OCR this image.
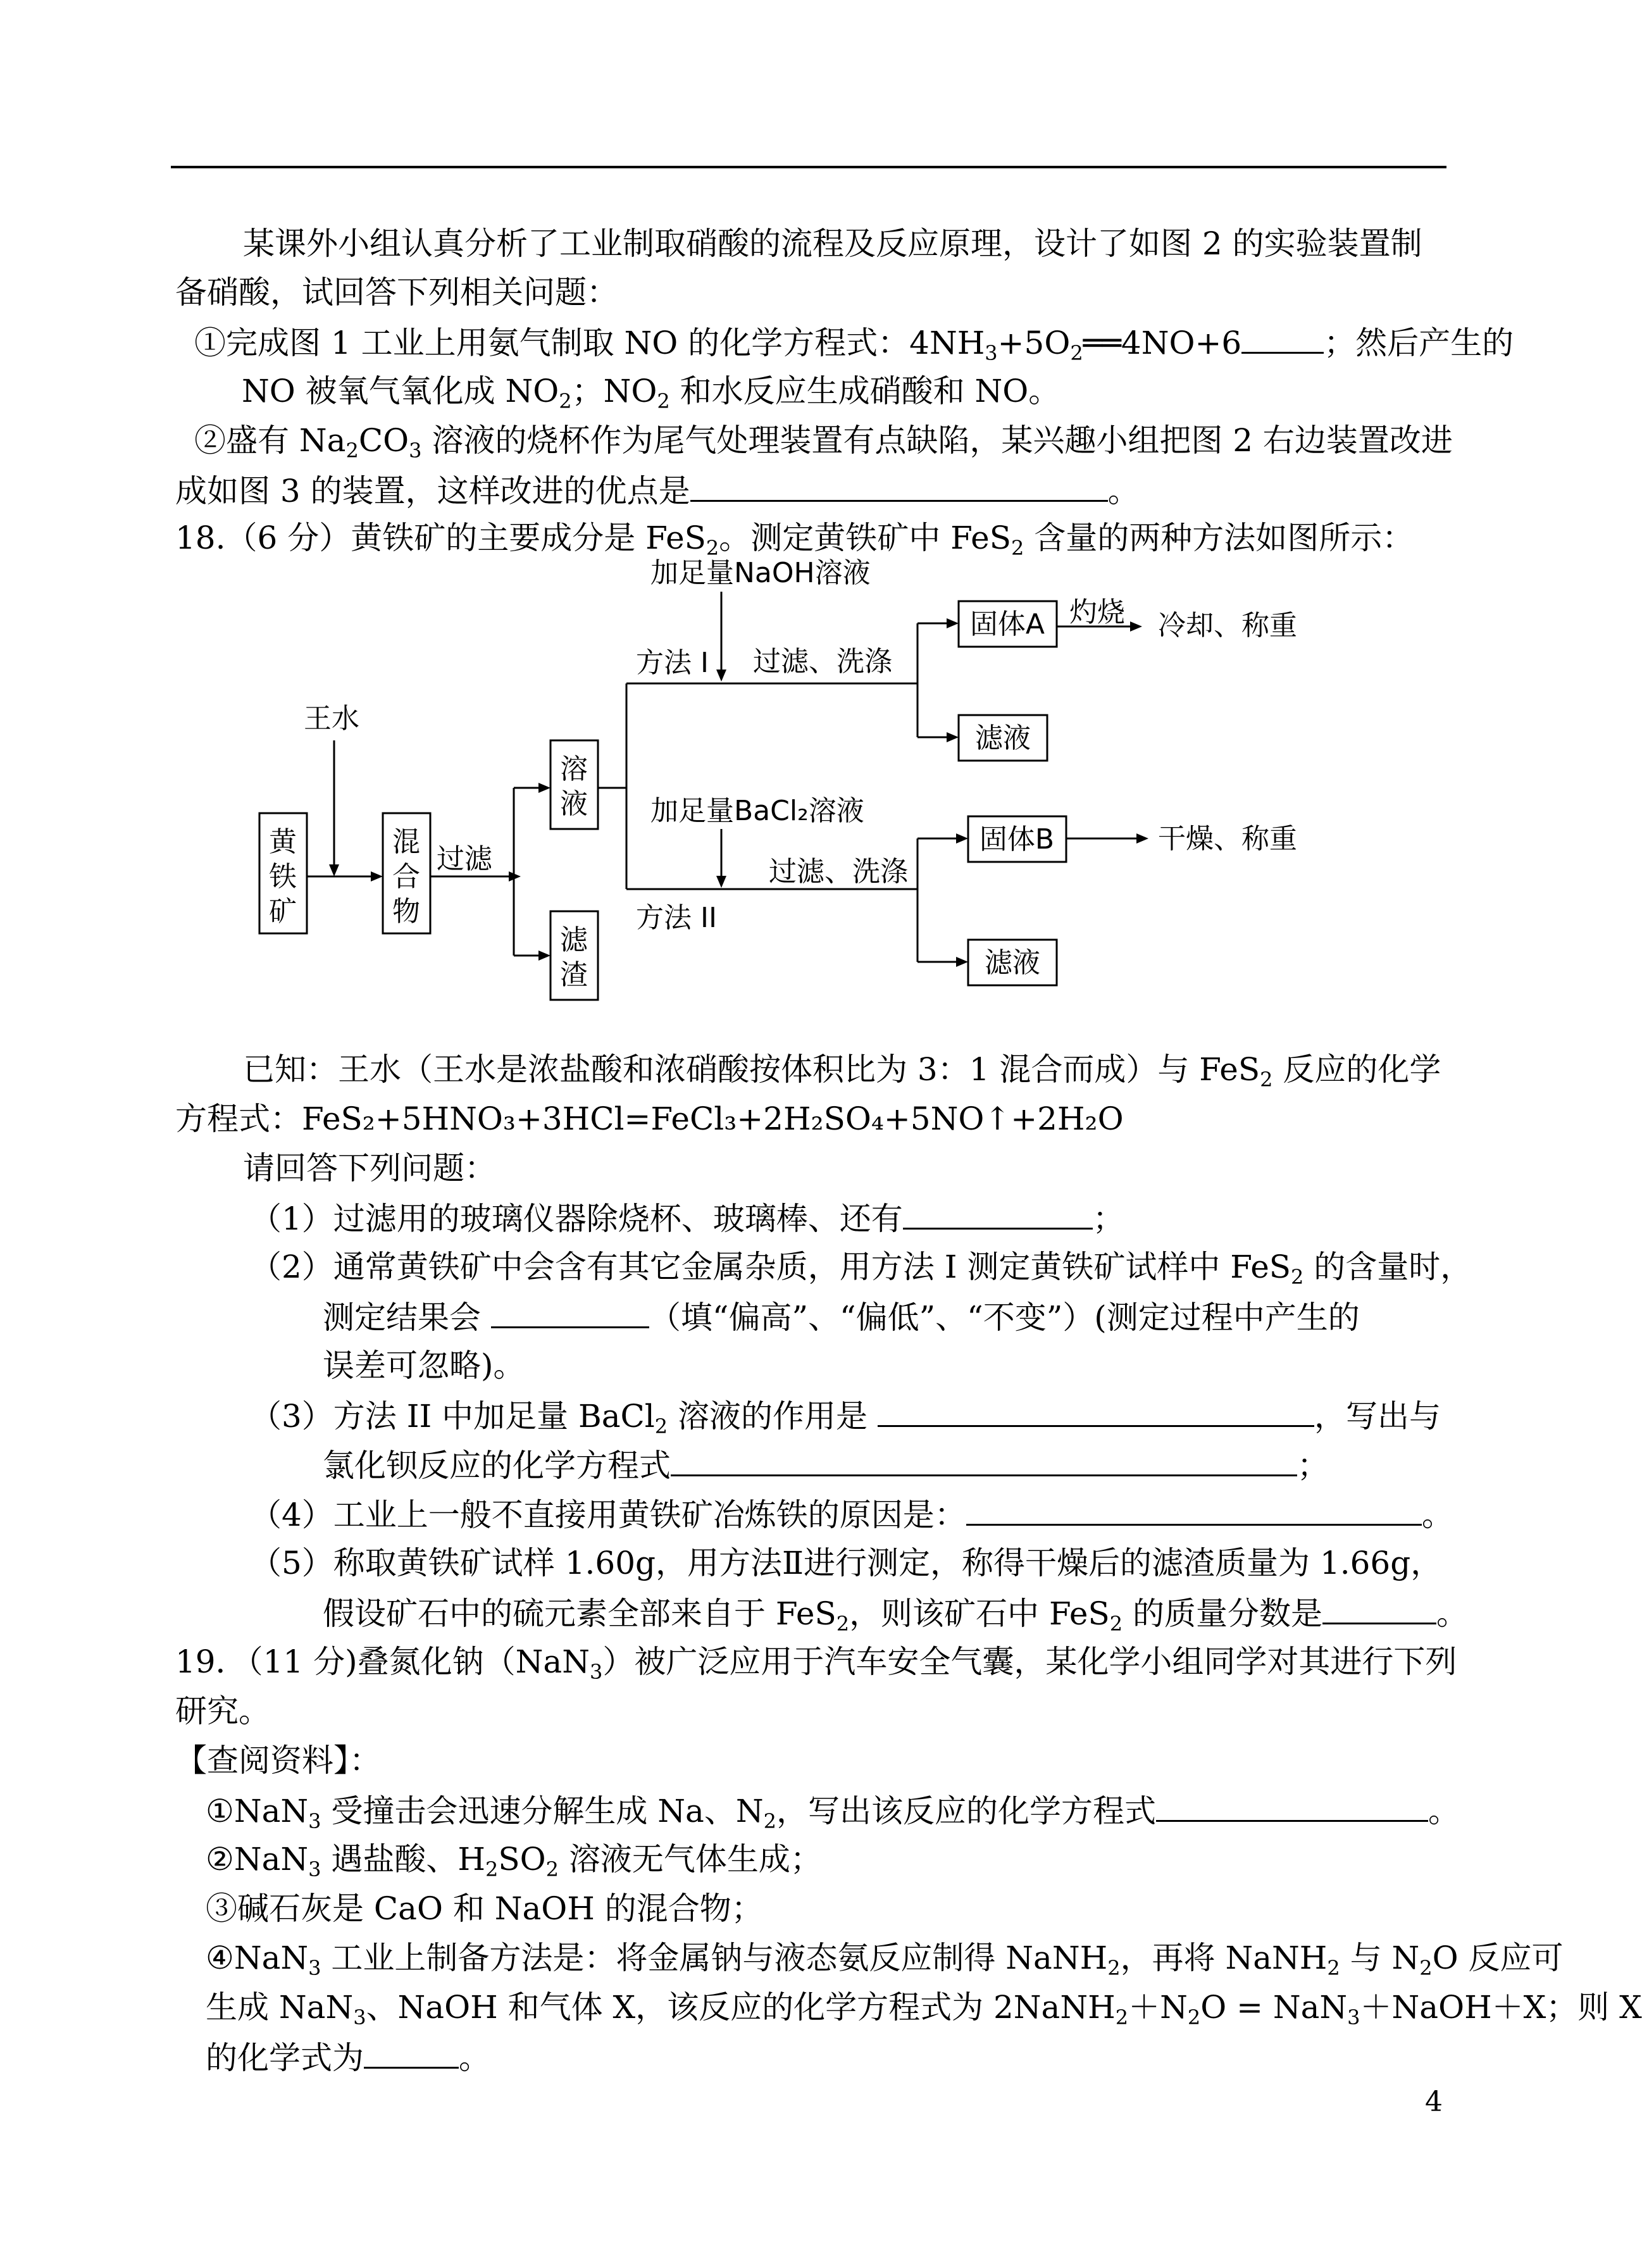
某课外小组认真分析了工业制取硝酸的流程及反应原理，设计了如图 2 的实验装置制
备硝酸，试回答下列相关问题：
①完成图 1 工业上用氨气制取 NO 的化学方程式：$4NH_3+5O_2══4NO+6$	；然后产生的
NO 被氧气氧化成 $NO_2$；$NO_2$ 和水反应生成硝酸和 NO。
②盛有 $Na_2CO_3$ 溶液的烧杯作为尾气处理装置有点缺陷，某兴趣小组把图 2 右边装置改进
成如图 3 的装置，这样改进的优点是	。
18.（6 分）黄铁矿的主要成分是 FeS$_2$。测定黄铁矿中 FeS$_2$ 含量的两种方法如图所示：
黄
铁
矿
王水
混
合
物
过滤
溶
液
滤
渣
加足量NaOH溶液
方法 I 过滤、洗涤
固体A 灼烧 冷却、称重
滤液
加足量BaCl₂溶液
方法 II
过滤、洗涤
固体B	干燥、称重
滤液
已知：王水（王水是浓盐酸和浓硝酸按体积比为 3：1 混合而成）与 FeS$_2$ 反应的化学
方程式：FeS₂+5HNO₃+3HCl=FeCl₃+2H₂SO₄+5NO↑+2H₂O
请回答下列问题：
（1）过滤用的玻璃仪器除烧杯、玻璃棒、还有	；
（2）通常黄铁矿中会含有其它金属杂质，用方法 I 测定黄铁矿试样中 FeS$_2$ 的含量时，
测定结果会	（填“偏高”、“偏低”、“不变”）(测定过程中产生的
误差可忽略)。
（3）方法 II 中加足量 BaCl$_2$ 溶液的作用是	，写出与
氯化钡反应的化学方程式	；
（4）工业上一般不直接用黄铁矿冶炼铁的原因是：	。
（5）称取黄铁矿试样 1.60g，用方法Ⅱ进行测定，称得干燥后的滤渣质量为 1.66g，
假设矿石中的硫元素全部来自于 FeS$_2$，则该矿石中 FeS$_2$ 的质量分数是	。
19．（11 分)叠氮化钠（NaN$_3$）被广泛应用于汽车安全气囊，某化学小组同学对其进行下列
研究。
【查阅资料】：
①NaN$_3$ 受撞击会迅速分解生成 Na、$N_2$，写出该反应的化学方程式	。
②NaN$_3$ 遇盐酸、$H_2SO_2$ 溶液无气体生成；
③碱石灰是 CaO 和 NaOH 的混合物；
④NaN$_3$ 工业上制备方法是：将金属钠与液态氨反应制得 NaNH$_2$，再将 NaNH$_2$ 与 $N_2O$ 反应可
生成 NaN$_3$、NaOH 和气体 X，该反应的化学方程式为 $2NaNH_2+N_2O$ = NaN$_3$＋NaOH＋X；则 X
的化学式为	。
4
